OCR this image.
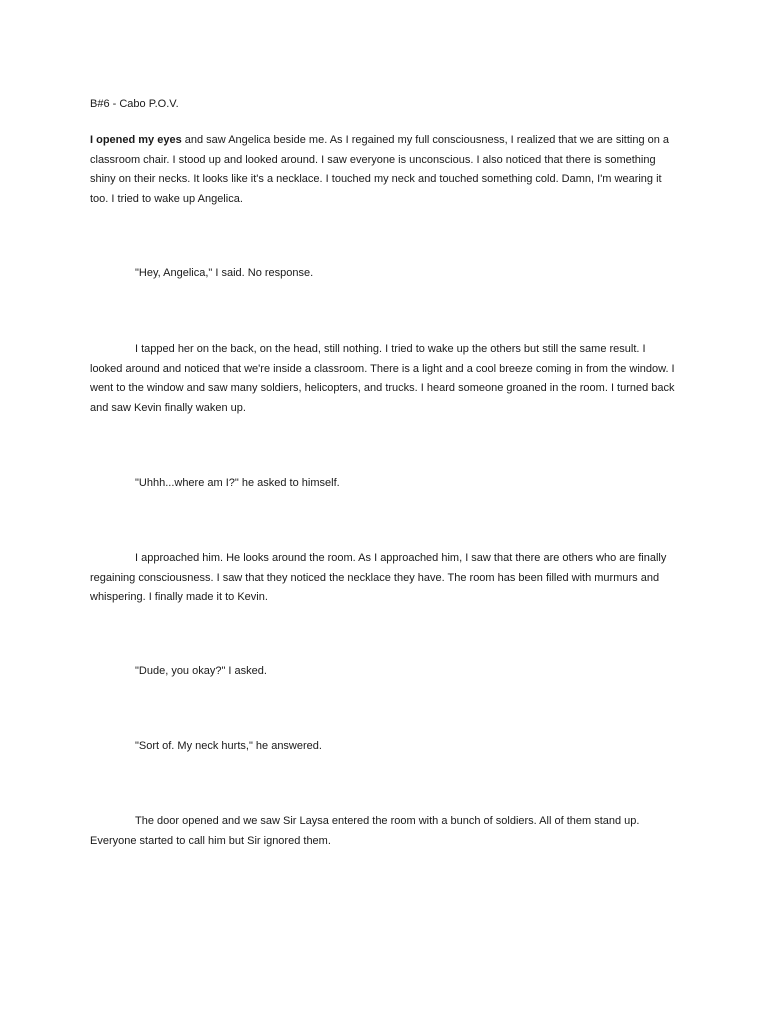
B#6 - Cabo P.O.V.

I opened my eyes and saw Angelica beside me. As I regained my full consciousness, I realized that we are sitting on a classroom chair. I stood up and looked around. I saw everyone is unconscious. I also noticed that there is something shiny on their necks. It looks like it's a necklace. I touched my neck and touched something cold. Damn, I'm wearing it too. I tried to wake up Angelica.

"Hey, Angelica," I said. No response.

I tapped her on the back, on the head, still nothing. I tried to wake up the others but still the same result. I looked around and noticed that we're inside a classroom. There is a light and a cool breeze coming in from the window. I went to the window and saw many soldiers, helicopters, and trucks. I heard someone groaned in the room. I turned back and saw Kevin finally waken up.

"Uhhh...where am I?" he asked to himself.

I approached him. He looks around the room. As I approached him, I saw that there are others who are finally regaining consciousness. I saw that they noticed the necklace they have. The room has been filled with murmurs and whispering. I finally made it to Kevin.

"Dude, you okay?" I asked.

"Sort of. My neck hurts," he answered.

The door opened and we saw Sir Laysa entered the room with a bunch of soldiers. All of them stand up. Everyone started to call him but Sir ignored them.
